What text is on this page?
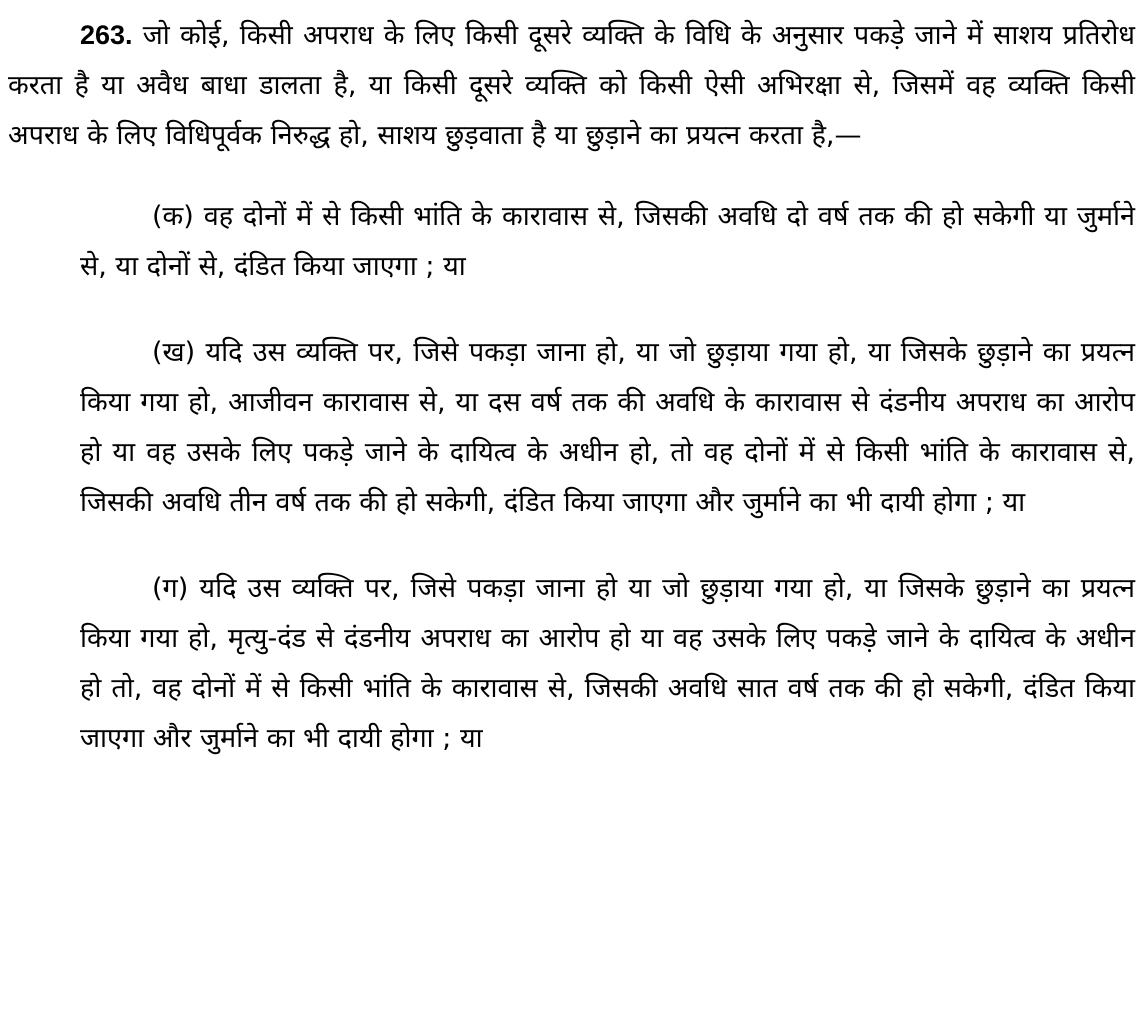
263. जो कोई, किसी अपराध के लिए किसी दूसरे व्यक्ति के विधि के अनुसार पकड़े जाने में साशय प्रतिरोध करता है या अवैध बाधा डालता है, या किसी दूसरे व्यक्ति को किसी ऐसी अभिरक्षा से, जिसमें वह व्यक्ति किसी अपराध के लिए विधिपूर्वक निरुद्ध हो, साशय छुड़वाता है या छुड़ाने का प्रयत्न करता है,—

(क) वह दोनों में से किसी भांति के कारावास से, जिसकी अवधि दो वर्ष तक की हो सकेगी या जुर्माने से, या दोनों से, दंडित किया जाएगा ; या

(ख) यदि उस व्यक्ति पर, जिसे पकड़ा जाना हो, या जो छुड़ाया गया हो, या जिसके छुड़ाने का प्रयत्न किया गया हो, आजीवन कारावास से, या दस वर्ष तक की अवधि के कारावास से दंडनीय अपराध का आरोप हो या वह उसके लिए पकड़े जाने के दायित्व के अधीन हो, तो वह दोनों में से किसी भांति के कारावास से, जिसकी अवधि तीन वर्ष तक की हो सकेगी, दंडित किया जाएगा और जुर्माने का भी दायी होगा ; या

(ग) यदि उस व्यक्ति पर, जिसे पकड़ा जाना हो या जो छुड़ाया गया हो, या जिसके छुड़ाने का प्रयत्न किया गया हो, मृत्यु-दंड से दंडनीय अपराध का आरोप हो या वह उसके लिए पकड़े जाने के दायित्व के अधीन हो तो, वह दोनों में से किसी भांति के कारावास से, जिसकी अवधि सात वर्ष तक की हो सकेगी, दंडित किया जाएगा और जुर्माने का भी दायी होगा ; या
